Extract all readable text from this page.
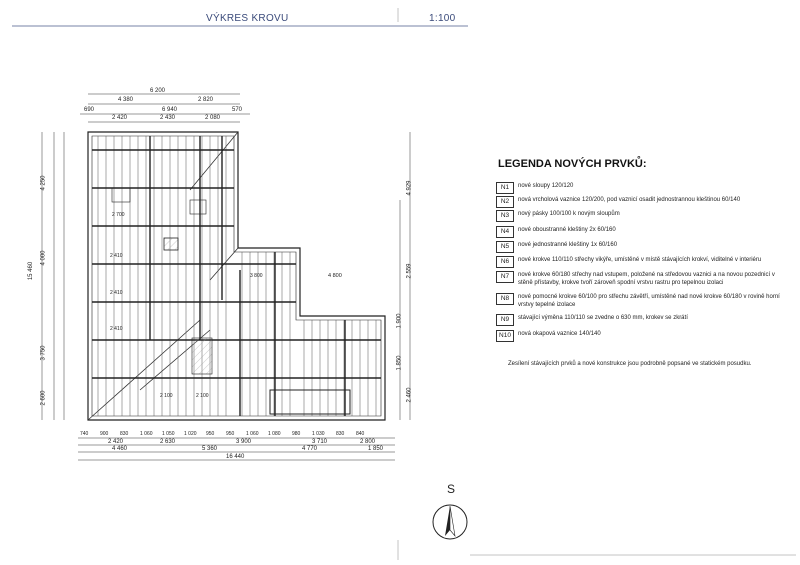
VÝKRES KROVU	1:100
6 200
4 380	2 820
690	6 940	570
2 420	2 430	2 080
740 900 830 1 060 1 050 1 020 950 950 1 060 1 080 980 1 030 830 840
2 420	2 630	3 900	3 710	2 800
4 460	5 360	4 770	1 850
16 440
15 460
4 250
4 000
3 750
2 600
4 929
2 559
1 900
1 850
2 460
4 800
2 700
2 410
2 410
2 410
2 100	2 100
3 800
LEGENDA NOVÝCH PRVKŮ:
N1	nové sloupy 120/120
N2	nová vrcholová vaznice 120/200, pod vaznicí osadit jednostrannou kleštinou 60/140
N3	nový pásky 100/100 k novým sloupům
N4	nové oboustranné kleštiny 2x 60/160
N5	nové jednostranné kleštiny 1x 60/160
N6	nové krokve 110/110 střechy vikýře, umístěné v místě stávajících krokví, viditelné v interiéru
N7	nové krokve 60/180 střechy nad vstupem, položené na středovou vaznici a na novou pozednicí v stěně přístavby, krokve tvoří zároveň spodní vrstvu rastru pro tepelnou izolaci
N8	nové pomocné krokve 60/100 pro střechu závětří, umístěné nad nové krokve 60/180 v rovině horní vrstvy tepelné izolace
N9	stávající výměna 110/110 se zvedne o 630 mm, krokev se zkrátí
N10	nová okapová vaznice 140/140
Zesílení stávajících prvků a nové konstrukce jsou podrobně popsané ve statickém posudku.
S
